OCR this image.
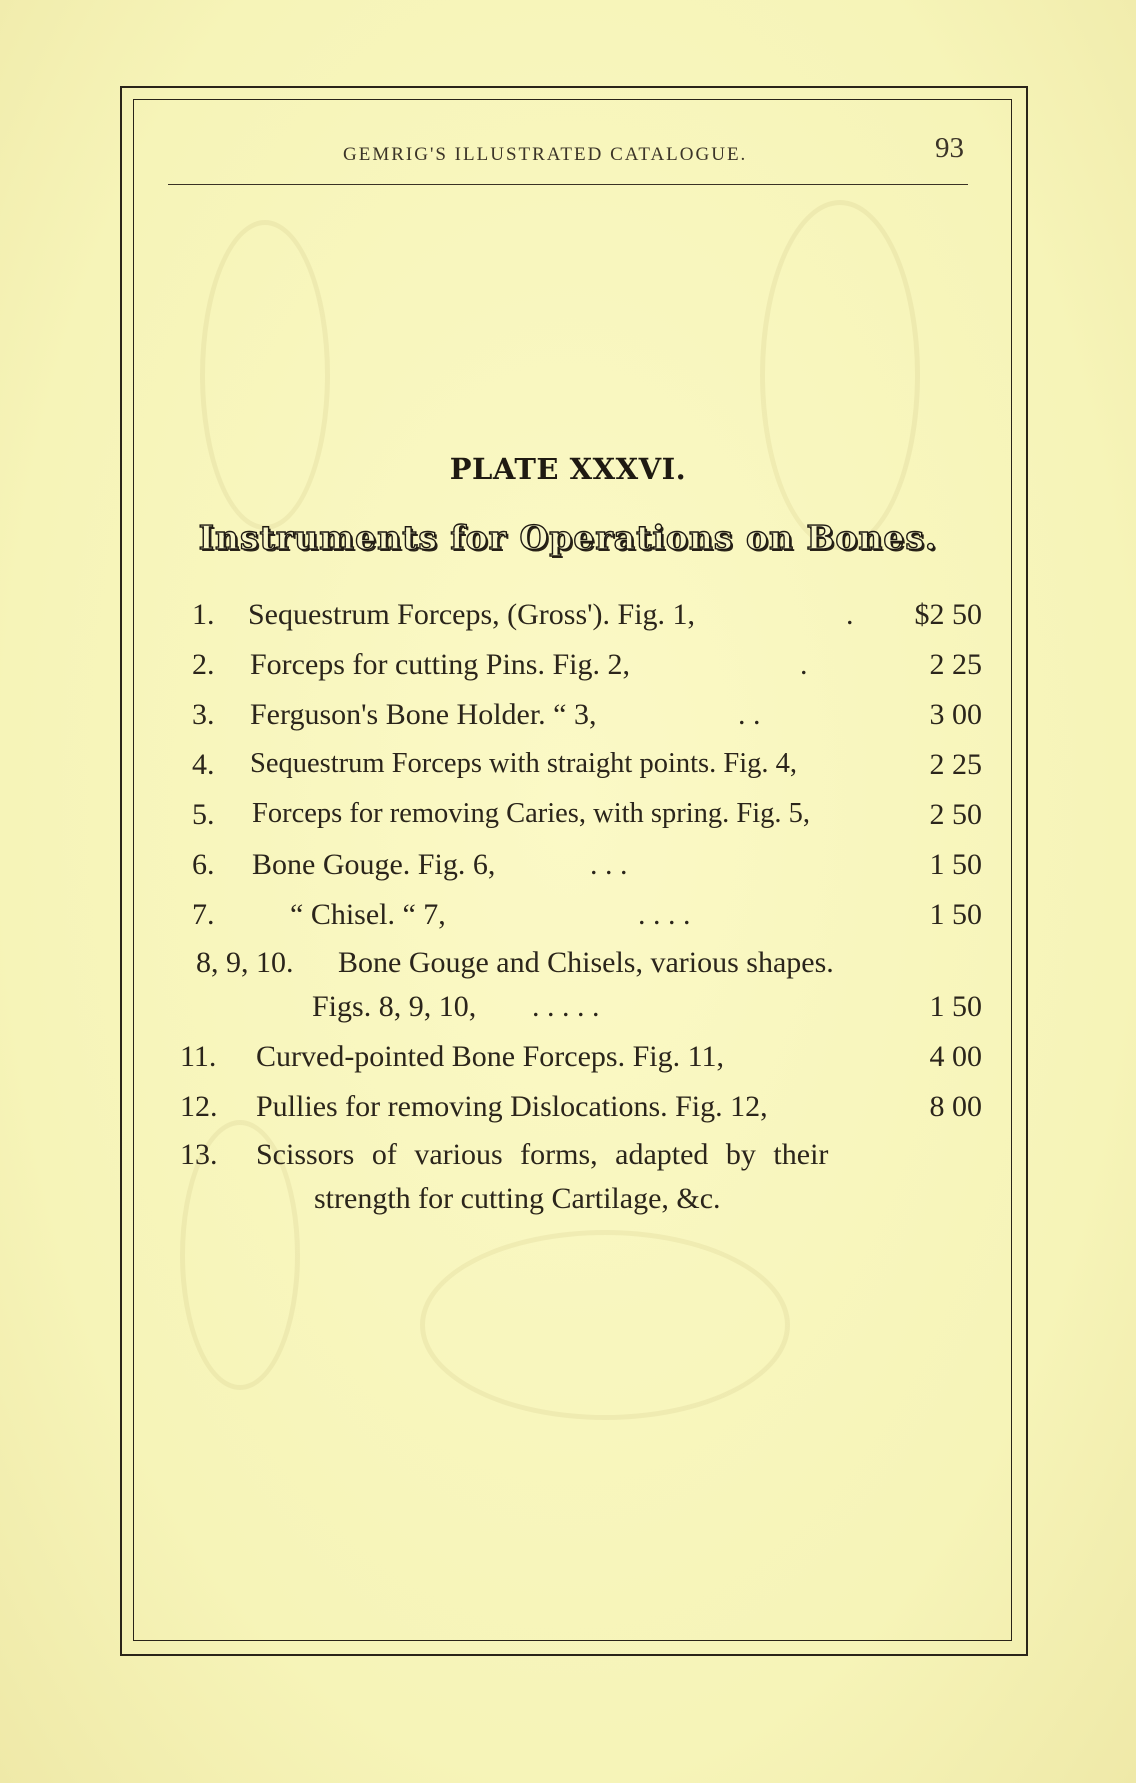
GEMRIG'S ILLUSTRATED CATALOGUE.	93
PLATE XXXVI.
Instruments for Operations on Bones.
1. Sequestrum Forceps, (Gross'). Fig. 1,	.	$2 50
2. Forceps for cutting Pins. Fig. 2,	.	2 25
3. Ferguson's Bone Holder. “ 3,	. .	3 00
4. Sequestrum Forceps with straight points. Fig. 4,	2 25
5. Forceps for removing Caries, with spring. Fig. 5,	2 50
6. Bone Gouge. Fig. 6,	. . .	1 50
7.	“ Chisel. “ 7,	. . . .	1 50
8, 9, 10. Bone Gouge and Chisels, various shapes.
Figs. 8, 9, 10, . . . . .	1 50
11. Curved-pointed Bone Forceps. Fig. 11,	4 00
12. Pullies for removing Dislocations. Fig. 12,	8 00
13. Scissors of various forms, adapted by their
strength for cutting Cartilage, &c.
